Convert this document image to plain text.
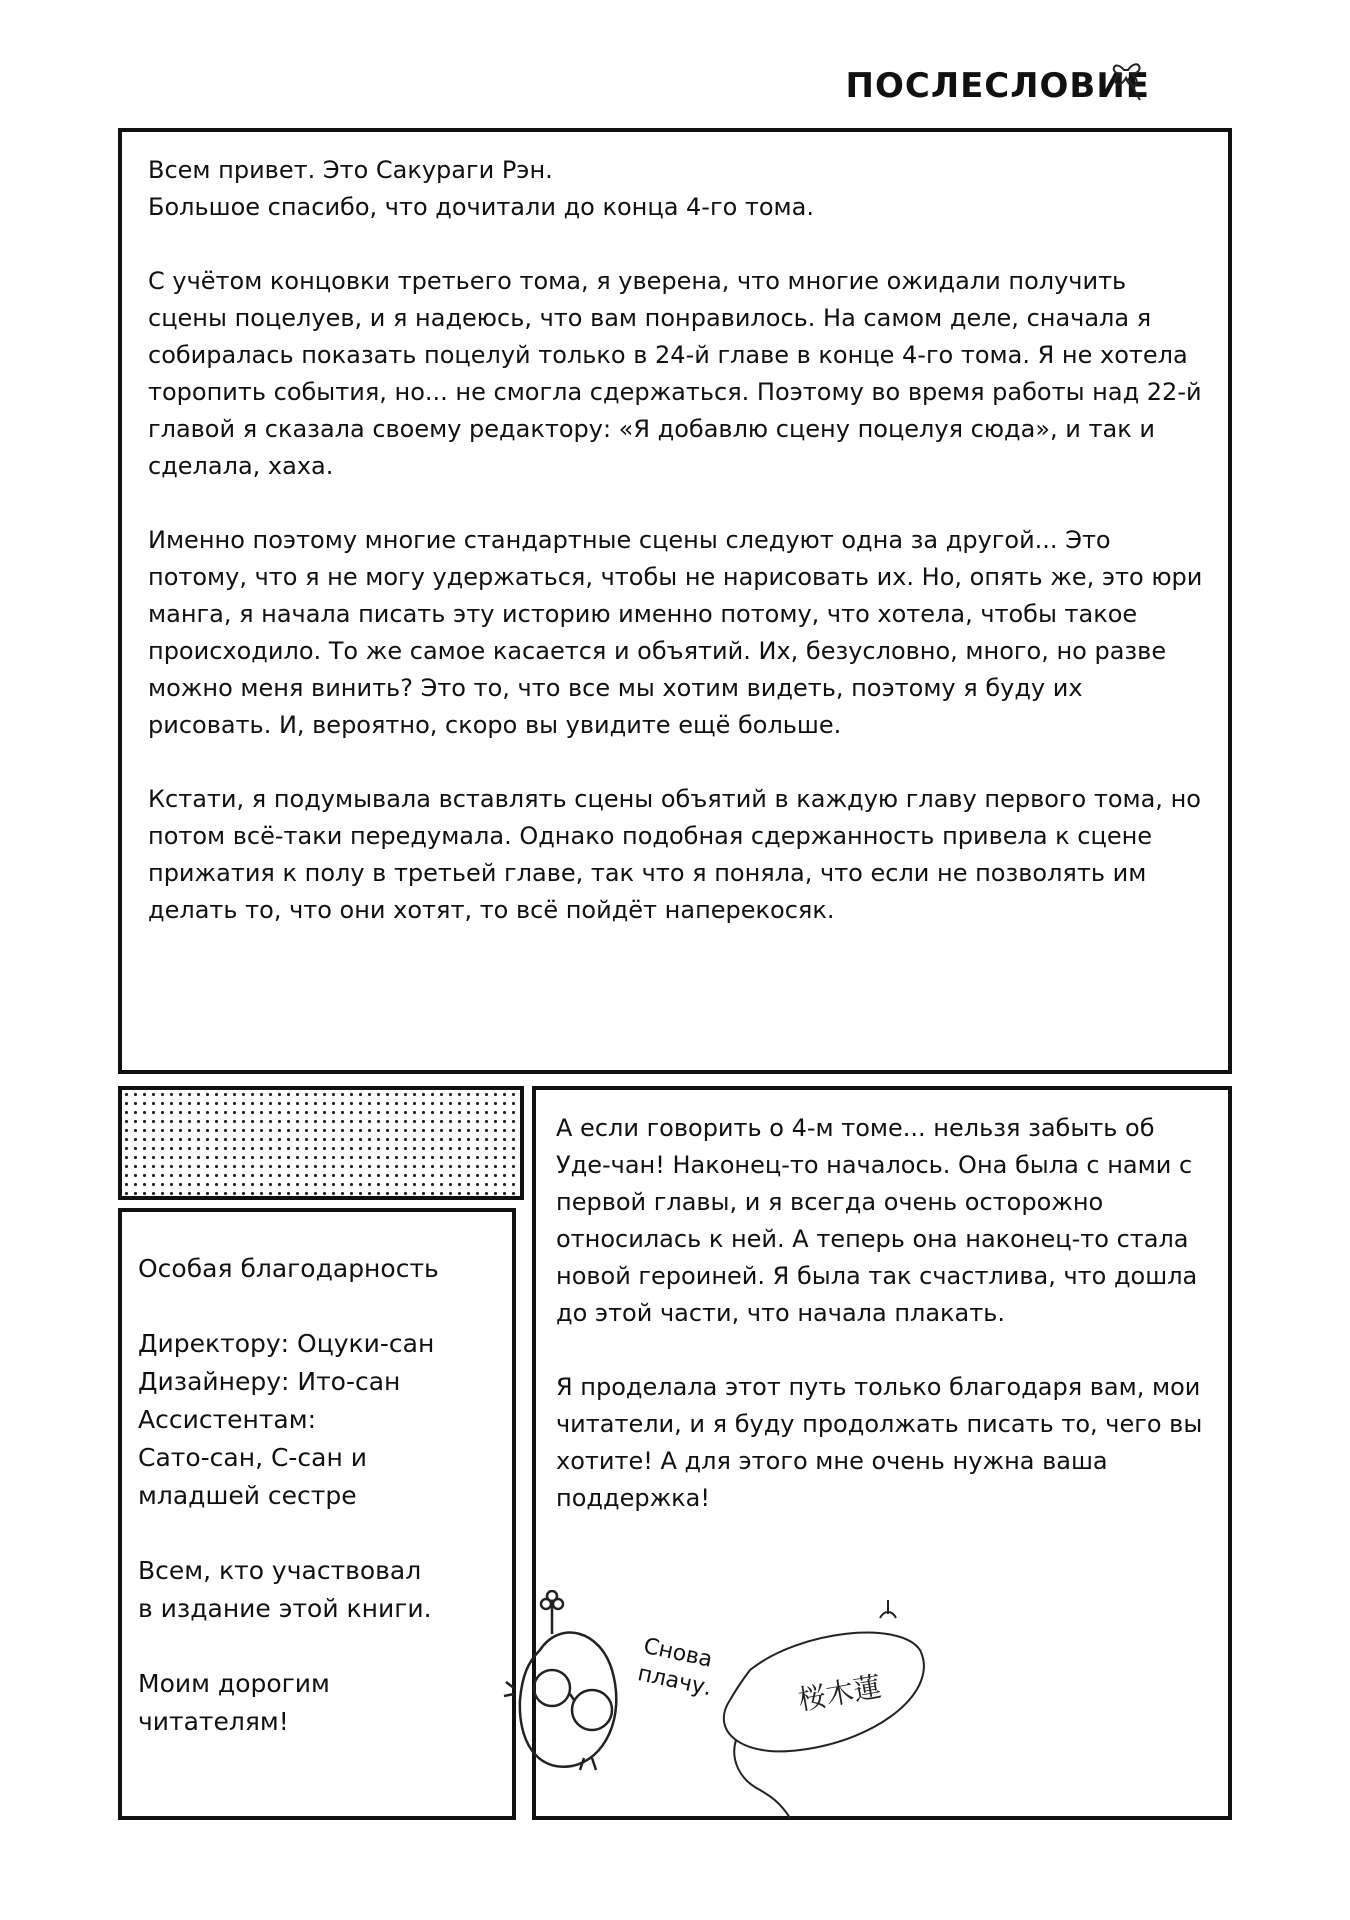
ПОСЛЕСЛОВИЕ

Всем привет. Это Сакураги Рэн.
Большое спасибо, что дочитали до конца 4-го тома.

С учётом концовки третьего тома, я уверена, что многие ожидали получить сцены поцелуев, и я надеюсь, что вам понравилось. На самом деле, сначала я собиралась показать поцелуй только в 24-й главе в конце 4-го тома. Я не хотела торопить события, но... не смогла сдержаться. Поэтому во время работы над 22-й главой я сказала своему редактору: «Я добавлю сцену поцелуя сюда», и так и сделала, хаха.

Именно поэтому многие стандартные сцены следуют одна за другой... Это потому, что я не могу удержаться, чтобы не нарисовать их. Но, опять же, это юри манга, я начала писать эту историю именно потому, что хотела, чтобы такое происходило. То же самое касается и объятий. Их, безусловно, много, но разве можно меня винить? Это то, что все мы хотим видеть, поэтому я буду их рисовать. И, вероятно, скоро вы увидите ещё больше.

Кстати, я подумывала вставлять сцены объятий в каждую главу первого тома, но потом всё-таки передумала. Однако подобная сдержанность привела к сцене прижатия к полу в третьей главе, так что я поняла, что если не позволять им делать то, что они хотят, то всё пойдёт наперекосяк.

Особая благодарность

Директору: Оцуки-сан
Дизайнеру: Ито-сан
Ассистентам:
Сато-сан, С-сан и
младшей сестре

Всем, кто участвовал
в издание этой книги.

Моим дорогим
читателям!

А если говорить о 4-м томе... нельзя забыть об Уде-чан! Наконец-то началось. Она была с нами с первой главы, и я всегда очень осторожно относилась к ней. А теперь она наконец-то стала новой героиней. Я была так счастлива, что дошла до этой части, что начала плакать.

Я проделала этот путь только благодаря вам, мои читатели, и я буду продолжать писать то, чего вы хотите! А для этого мне очень нужна ваша поддержка!

桜木蓮
Снова
плачу.
